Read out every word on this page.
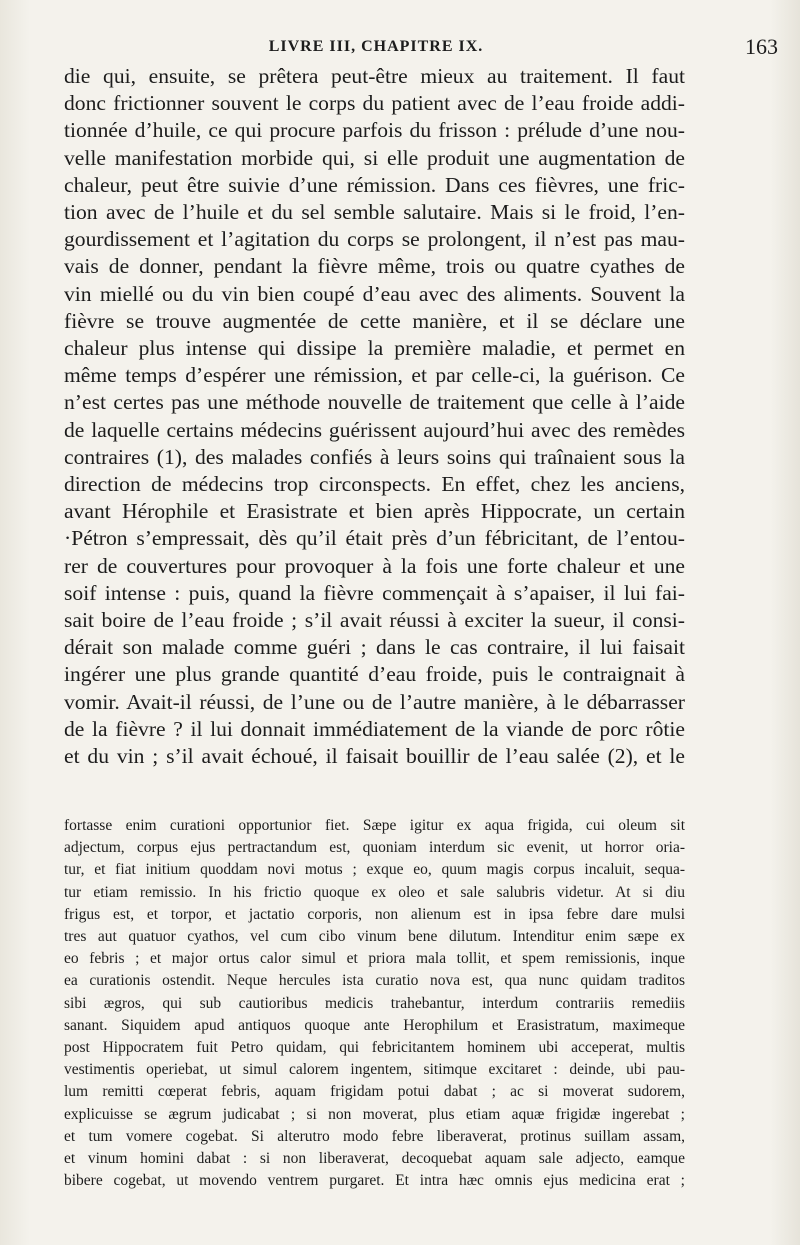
LIVRE III, CHAPITRE IX.	163
die qui, ensuite, se prêtera peut-être mieux au traitement. Il faut
donc frictionner souvent le corps du patient avec de l’eau froide addi-
tionnée d’huile, ce qui procure parfois du frisson : prélude d’une nou-
velle manifestation morbide qui, si elle produit une augmentation de
chaleur, peut être suivie d’une rémission. Dans ces fièvres, une fric-
tion avec de l’huile et du sel semble salutaire. Mais si le froid, l’en-
gourdissement et l’agitation du corps se prolongent, il n’est pas mau-
vais de donner, pendant la fièvre même, trois ou quatre cyathes de
vin miellé ou du vin bien coupé d’eau avec des aliments. Souvent la
fièvre se trouve augmentée de cette manière, et il se déclare une
chaleur plus intense qui dissipe la première maladie, et permet en
même temps d’espérer une rémission, et par celle-ci, la guérison. Ce
n’est certes pas une méthode nouvelle de traitement que celle à l’aide
de laquelle certains médecins guérissent aujourd’hui avec des remèdes
contraires (1), des malades confiés à leurs soins qui traînaient sous la
direction de médecins trop circonspects. En effet, chez les anciens,
avant Hérophile et Erasistrate et bien après Hippocrate, un certain
·Pétron s’empressait, dès qu’il était près d’un fébricitant, de l’entou-
rer de couvertures pour provoquer à la fois une forte chaleur et une
soif intense : puis, quand la fièvre commençait à s’apaiser, il lui fai-
sait boire de l’eau froide ; s’il avait réussi à exciter la sueur, il consi-
dérait son malade comme guéri ; dans le cas contraire, il lui faisait
ingérer une plus grande quantité d’eau froide, puis le contraignait à
vomir. Avait-il réussi, de l’une ou de l’autre manière, à le débarrasser
de la fièvre ? il lui donnait immédiatement de la viande de porc rôtie
et du vin ; s’il avait échoué, il faisait bouillir de l’eau salée (2), et le
fortasse enim curationi opportunior fiet. Sæpe igitur ex aqua frigida, cui oleum sit
adjectum, corpus ejus pertractandum est, quoniam interdum sic evenit, ut horror oria-
tur, et fiat initium quoddam novi motus ; exque eo, quum magis corpus incaluit, sequa-
tur etiam remissio. In his frictio quoque ex oleo et sale salubris videtur. At si diu
frigus est, et torpor, et jactatio corporis, non alienum est in ipsa febre dare mulsi
tres aut quatuor cyathos, vel cum cibo vinum bene dilutum. Intenditur enim sæpe ex
eo febris ; et major ortus calor simul et priora mala tollit, et spem remissionis, inque
ea curationis ostendit. Neque hercules ista curatio nova est, qua nunc quidam traditos
sibi ægros, qui sub cautioribus medicis trahebantur, interdum contrariis remediis
sanant. Siquidem apud antiquos quoque ante Herophilum et Erasistratum, maximeque
post Hippocratem fuit Petro quidam, qui febricitantem hominem ubi acceperat, multis
vestimentis operiebat, ut simul calorem ingentem, sitimque excitaret : deinde, ubi pau-
lum remitti cœperat febris, aquam frigidam potui dabat ; ac si moverat sudorem,
explicuisse se ægrum judicabat ; si non moverat, plus etiam aquæ frigidæ ingerebat ;
et tum vomere cogebat. Si alterutro modo febre liberaverat, protinus suillam assam,
et vinum homini dabat : si non liberaverat, decoquebat aquam sale adjecto, eamque
bibere cogebat, ut movendo ventrem purgaret. Et intra hæc omnis ejus medicina erat ;
